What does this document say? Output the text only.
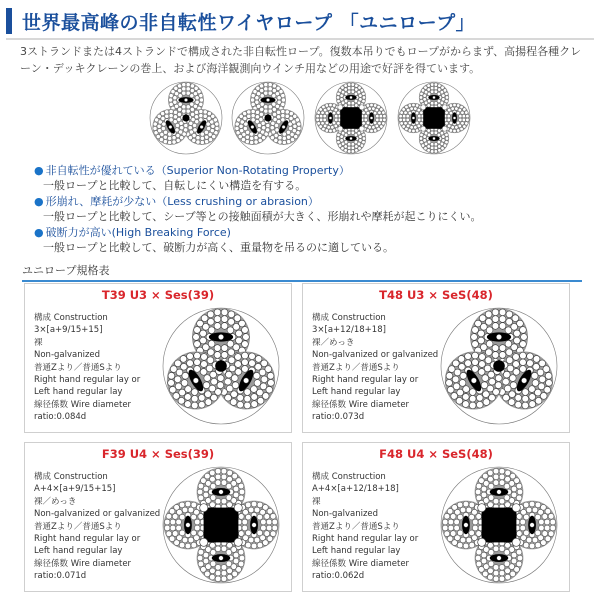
世界最高峰の非自転性ワイヤロープ 「ユニロープ」
3ストランドまたは4ストランドで構成された非自転性ロープ。復数本吊りでもロープがからまず、高揚程各種クレーン・デッキクレーンの巻上、および海洋観測向ウインチ用などの用途で好評を得ています。
● 非自転性が優れている（Superior Non-Rotating Property）
一般ロープと比較して、自転しにくい構造を有する。
● 形崩れ、摩耗が少ない（Less crushing or abrasion）
一般ロープと比較して、シーブ等との接触面積が大きく、形崩れや摩耗が起こりにくい。
● 破断力が高い(High Breaking Force)
一般ロープと比較して、破断力が高く、重量物を吊るのに適している。
ユニロープ規格表
T39 U3 × Ses(39)
構成 Construction
3×[a+9/15+15]
裸
Non-galvanized
普通Zより／普通Sより
Right hand regular lay or
Left hand regular lay
線径係数 Wire diameter
ratio:0.084d
T48 U3 × SeS(48)
構成 Construction
3×[a+12/18+18]
裸／めっき
Non-galvanized or galvanized
普通Zより／普通Sより
Right hand regular lay or
Left hand regular lay
線径係数 Wire diameter
ratio:0.073d
F39 U4 × Ses(39)
構成 Construction
A+4×[a+9/15+15]
裸／めっき
Non-galvanized or galvanized
普通Zより／普通Sより
Right hand regular lay or
Left hand regular lay
線径係数 Wire diameter
ratio:0.071d
F48 U4 × SeS(48)
構成 Construction
A+4×[a+12/18+18]
裸
Non-galvanized
普通Zより／普通Sより
Right hand regular lay or
Left hand regular lay
線径係数 Wire diameter
ratio:0.062d
